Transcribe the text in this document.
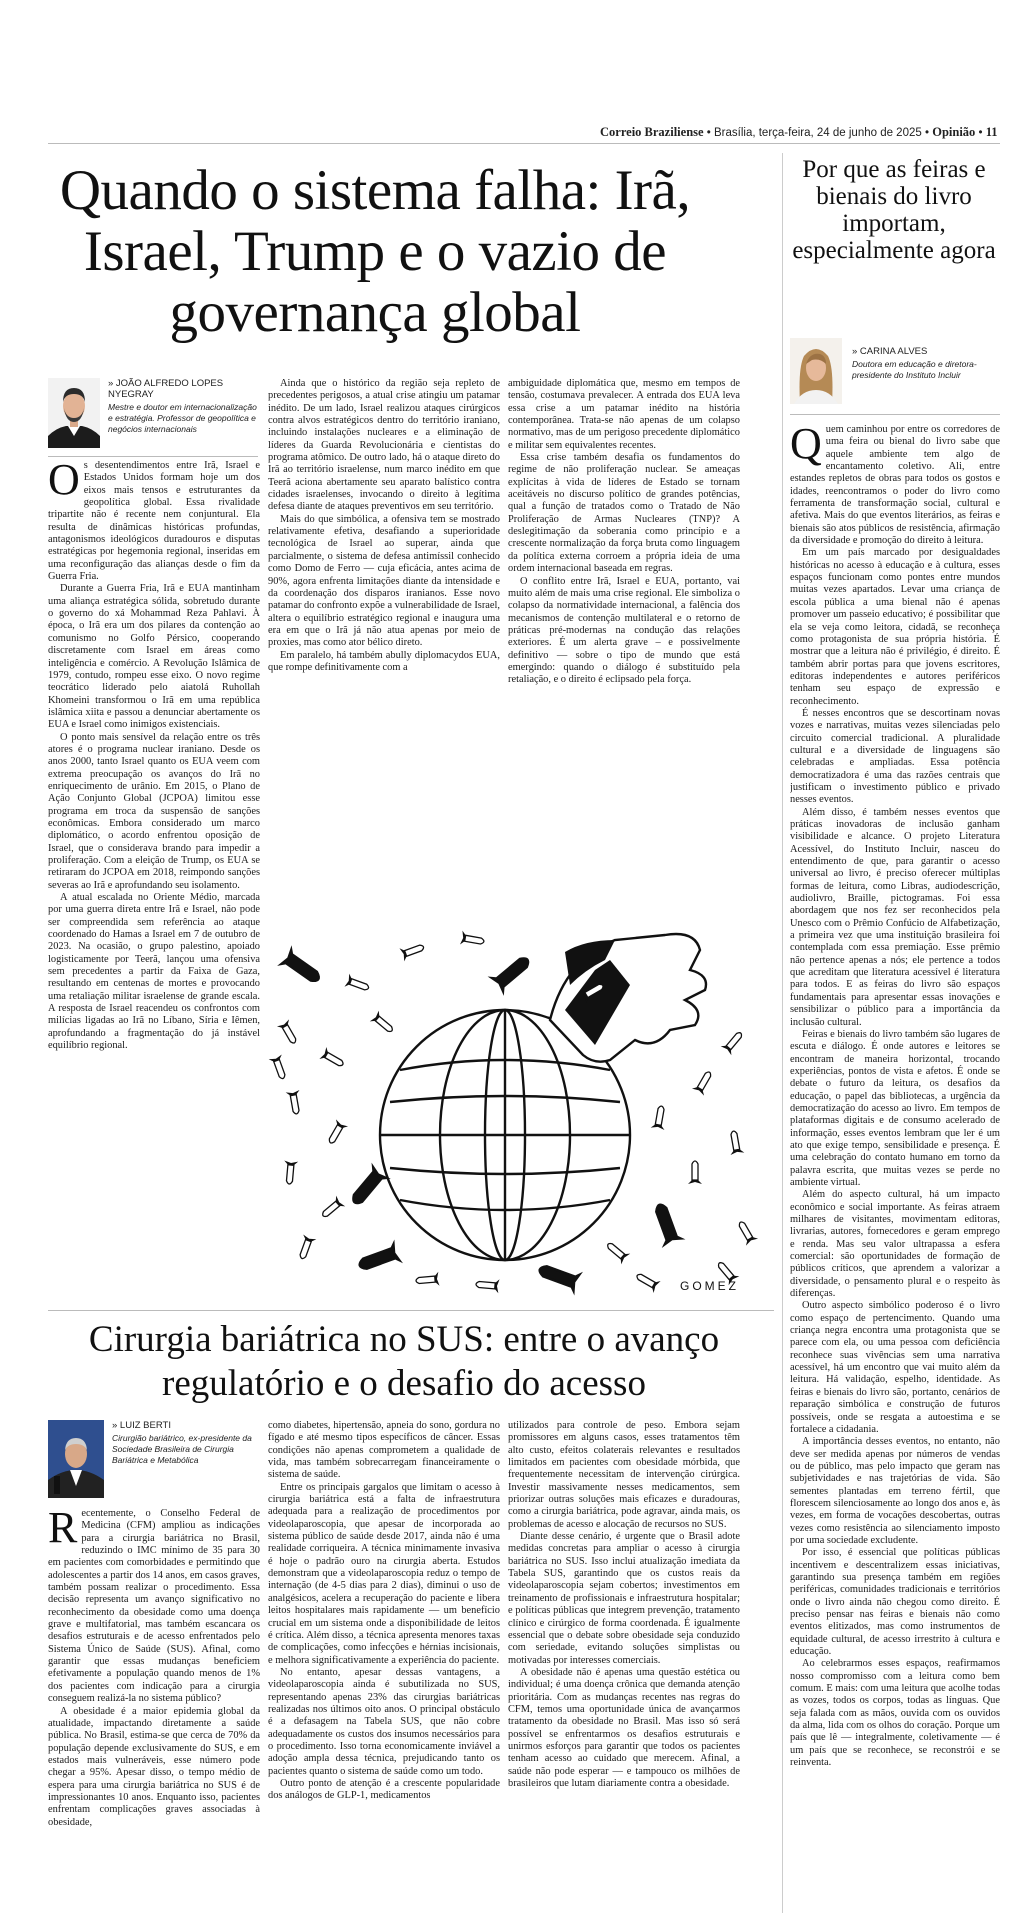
Correio Braziliense • Brasília, terça-feira, 24 de junho de 2025 • Opinião • 11
Quando o sistema falha: Irã, Israel, Trump e o vazio de governança global
» JOÃO ALFREDO LOPES NYEGRAY
Mestre e doutor em internacionalização e estratégia. Professor de geopolítica e negócios internacionais
O s desentendimentos entre Irã, Israel e Estados Unidos formam hoje um dos eixos mais tensos e estruturantes da geopolítica global. Essa rivalidade tripartite não é recente nem conjuntural. Ela resulta de dinâmicas históricas profundas, antagonismos ideológicos duradouros e disputas estratégicas por hegemonia regional, inseridas em uma reconfiguração das alianças desde o fim da Guerra Fria.

Durante a Guerra Fria, Irã e EUA mantinham uma aliança estratégica sólida, sobretudo durante o governo do xá Mohammad Reza Pahlavi. À época, o Irã era um dos pilares da contenção ao comunismo no Golfo Pérsico, cooperando discretamente com Israel em áreas como inteligência e comércio. A Revolução Islâmica de 1979, contudo, rompeu esse eixo. O novo regime teocrático liderado pelo aiatolá Ruhollah Khomeini transformou o Irã em uma república islâmica xiita e passou a denunciar abertamente os EUA e Israel como inimigos existenciais.

O ponto mais sensível da relação entre os três atores é o programa nuclear iraniano. Desde os anos 2000, tanto Israel quanto os EUA veem com extrema preocupação os avanços do Irã no enriquecimento de urânio. Em 2015, o Plano de Ação Conjunto Global (JCPOA) limitou esse programa em troca da suspensão de sanções econômicas. Embora considerado um marco diplomático, o acordo enfrentou oposição de Israel, que o considerava brando para impedir a proliferação. Com a eleição de Trump, os EUA se retiraram do JCPOA em 2018, reimpondo sanções severas ao Irã e aprofundando seu isolamento.

A atual escalada no Oriente Médio, marcada por uma guerra direta entre Irã e Israel, não pode ser compreendida sem referência ao ataque coordenado do Hamas a Israel em 7 de outubro de 2023. Na ocasião, o grupo palestino, apoiado logisticamente por Teerã, lançou uma ofensiva sem precedentes a partir da Faixa de Gaza, resultando em centenas de mortes e provocando uma retaliação militar israelense de grande escala. A resposta de Israel reacendeu os confrontos com milícias ligadas ao Irã no Líbano, Síria e Iêmen, aprofundando a fragmentação do já instável equilíbrio regional.

Ainda que o histórico da região seja repleto de precedentes perigosos, a atual crise atingiu um patamar inédito. De um lado, Israel realizou ataques cirúrgicos contra alvos estratégicos dentro do território iraniano, incluindo instalações nucleares e a eliminação de líderes da Guarda Revolucionária e cientistas do programa atômico. De outro lado, há o ataque direto do Irã ao território israelense, num marco inédito em que Teerã aciona abertamente seu aparato balístico contra cidades israelenses, invocando o direito à legítima defesa diante de ataques preventivos em seu território.

Mais do que simbólica, a ofensiva tem se mostrado relativamente efetiva, desafiando a superioridade tecnológica de Israel ao superar, ainda que parcialmente, o sistema de defesa antimíssil conhecido como Domo de Ferro — cuja eficácia, antes acima de 90%, agora enfrenta limitações diante da intensidade e da coordenação dos disparos iranianos. Esse novo patamar do confronto expõe a vulnerabilidade de Israel, altera o equilíbrio estratégico regional e inaugura uma era em que o Irã já não atua apenas por meio de proxies, mas como ator bélico direto.

Em paralelo, há também abully diplomacydos EUA, que rompe definitivamente com a

ambiguidade diplomática que, mesmo em tempos de tensão, costumava prevalecer. A entrada dos EUA leva essa crise a um patamar inédito na história contemporânea. Trata-se não apenas de um colapso normativo, mas de um perigoso precedente diplomático e militar sem equivalentes recentes.

Essa crise também desafia os fundamentos do regime de não proliferação nuclear. Se ameaças explícitas à vida de líderes de Estado se tornam aceitáveis no discurso político de grandes potências, qual a função de tratados como o Tratado de Não Proliferação de Armas Nucleares (TNP)? A deslegitimação da soberania como princípio e a crescente normalização da força bruta como linguagem da política externa corroem a própria ideia de uma ordem internacional baseada em regras.

O conflito entre Irã, Israel e EUA, portanto, vai muito além de mais uma crise regional. Ele simboliza o colapso da normatividade internacional, a falência dos mecanismos de contenção multilateral e o retorno de práticas pré-modernas na condução das relações exteriores. É um alerta grave – e possivelmente definitivo — sobre o tipo de mundo que está emergindo: quando o diálogo é substituído pela retaliação, e o direito é eclipsado pela força.

GOMEZ
Por que as feiras e bienais do livro importam, especialmente agora
» CARINA ALVES
Doutora em educação e diretora-presidente do Instituto Incluir
Q uem caminhou por entre os corredores de uma feira ou bienal do livro sabe que aquele ambiente tem algo de encantamento coletivo. Ali, entre estandes repletos de obras para todos os gostos e idades, reencontramos o poder do livro como ferramenta de transformação social, cultural e afetiva. Mais do que eventos literários, as feiras e bienais são atos públicos de resistência, afirmação da diversidade e promoção do direito à leitura.

Em um país marcado por desigualdades históricas no acesso à educação e à cultura, esses espaços funcionam como pontes entre mundos muitas vezes apartados. Levar uma criança de escola pública a uma bienal não é apenas promover um passeio educativo; é possibilitar que ela se veja como leitora, cidadã, se reconheça como protagonista de sua própria história. É mostrar que a leitura não é privilégio, é direito. É também abrir portas para que jovens escritores, editoras independentes e autores periféricos tenham seu espaço de expressão e reconhecimento.

É nesses encontros que se descortinam novas vozes e narrativas, muitas vezes silenciadas pelo circuito comercial tradicional. A pluralidade cultural e a diversidade de linguagens são celebradas e ampliadas. Essa potência democratizadora é uma das razões centrais que justificam o investimento público e privado nesses eventos.

Além disso, é também nesses eventos que práticas inovadoras de inclusão ganham visibilidade e alcance. O projeto Literatura Acessível, do Instituto Incluir, nasceu do entendimento de que, para garantir o acesso universal ao livro, é preciso oferecer múltiplas formas de leitura, como Libras, audiodescrição, audiolivro, Braille, pictogramas. Foi essa abordagem que nos fez ser reconhecidos pela Unesco com o Prêmio Confúcio de Alfabetização, a primeira vez que uma instituição brasileira foi contemplada com essa premiação. Esse prêmio não pertence apenas a nós; ele pertence a todos que acreditam que literatura acessível é literatura para todos. E as feiras do livro são espaços fundamentais para apresentar essas inovações e sensibilizar o público para a importância da inclusão cultural.

Feiras e bienais do livro também são lugares de escuta e diálogo. É onde autores e leitores se encontram de maneira horizontal, trocando experiências, pontos de vista e afetos. É onde se debate o futuro da leitura, os desafios da educação, o papel das bibliotecas, a urgência da democratização do acesso ao livro. Em tempos de plataformas digitais e de consumo acelerado de informação, esses eventos lembram que ler é um ato que exige tempo, sensibilidade e presença. É uma celebração do contato humano em torno da palavra escrita, que muitas vezes se perde no ambiente virtual.

Além do aspecto cultural, há um impacto econômico e social importante. As feiras atraem milhares de visitantes, movimentam editoras, livrarias, autores, fornecedores e geram emprego e renda. Mas seu valor ultrapassa a esfera comercial: são oportunidades de formação de públicos críticos, que aprendem a valorizar a diversidade, o pensamento plural e o respeito às diferenças.

Outro aspecto simbólico poderoso é o livro como espaço de pertencimento. Quando uma criança negra encontra uma protagonista que se parece com ela, ou uma pessoa com deficiência reconhece suas vivências sem uma narrativa acessível, há um encontro que vai muito além da leitura. Há validação, espelho, identidade. As feiras e bienais do livro são, portanto, cenários de reparação simbólica e construção de futuros possíveis, onde se resgata a autoestima e se fortalece a cidadania.

A importância desses eventos, no entanto, não deve ser medida apenas por números de vendas ou de público, mas pelo impacto que geram nas subjetividades e nas trajetórias de vida. São sementes plantadas em terreno fértil, que florescem silenciosamente ao longo dos anos e, às vezes, em forma de vocações descobertas, outras vezes como resistência ao silenciamento imposto por uma sociedade excludente.

Por isso, é essencial que políticas públicas incentivem e descentralizem essas iniciativas, garantindo sua presença também em regiões periféricas, comunidades tradicionais e territórios onde o livro ainda não chegou como direito. É preciso pensar nas feiras e bienais não como eventos elitizados, mas como instrumentos de equidade cultural, de acesso irrestrito à cultura e educação.

Ao celebrarmos esses espaços, reafirmamos nosso compromisso com a leitura como bem comum. E mais: com uma leitura que acolhe todas as vozes, todos os corpos, todas as línguas. Que seja falada com as mãos, ouvida com os ouvidos da alma, lida com os olhos do coração. Porque um país que lê — integralmente, coletivamente — é um país que se reconhece, se reconstrói e se reinventa.

Cirurgia bariátrica no SUS: entre o avanço regulatório e o desafio do acesso
» LUIZ BERTI
Cirurgião bariátrico, ex-presidente da Sociedade Brasileira de Cirurgia Bariátrica e Metabólica
R ecentemente, o Conselho Federal de Medicina (CFM) ampliou as indicações para a cirurgia bariátrica no Brasil, reduzindo o IMC mínimo de 35 para 30 em pacientes com comorbidades e permitindo que adolescentes a partir dos 14 anos, em casos graves, também possam realizar o procedimento. Essa decisão representa um avanço significativo no reconhecimento da obesidade como uma doença grave e multifatorial, mas também escancara os desafios estruturais e de acesso enfrentados pelo Sistema Único de Saúde (SUS). Afinal, como garantir que essas mudanças beneficiem efetivamente a população quando menos de 1% dos pacientes com indicação para a cirurgia conseguem realizá-la no sistema público?

A obesidade é a maior epidemia global da atualidade, impactando diretamente a saúde pública. No Brasil, estima-se que cerca de 70% da população depende exclusivamente do SUS, e em estados mais vulneráveis, esse número pode chegar a 95%. Apesar disso, o tempo médio de espera para uma cirurgia bariátrica no SUS é de impressionantes 10 anos. Enquanto isso, pacientes enfrentam complicações graves associadas à obesidade,

como diabetes, hipertensão, apneia do sono, gordura no fígado e até mesmo tipos específicos de câncer. Essas condições não apenas comprometem a qualidade de vida, mas também sobrecarregam financeiramente o sistema de saúde.

Entre os principais gargalos que limitam o acesso à cirurgia bariátrica está a falta de infraestrutura adequada para a realização de procedimentos por videolaparoscopia, que apesar de incorporada ao sistema público de saúde desde 2017, ainda não é uma realidade corriqueira. A técnica minimamente invasiva é hoje o padrão ouro na cirurgia aberta. Estudos demonstram que a videolaparoscopia reduz o tempo de internação (de 4-5 dias para 2 dias), diminui o uso de analgésicos, acelera a recuperação do paciente e libera leitos hospitalares mais rapidamente — um benefício crucial em um sistema onde a disponibilidade de leitos é crítica. Além disso, a técnica apresenta menores taxas de complicações, como infecções e hérnias incisionais, e melhora significativamente a experiência do paciente.

No entanto, apesar dessas vantagens, a videolaparoscopia ainda é subutilizada no SUS, representando apenas 23% das cirurgias bariátricas realizadas nos últimos oito anos. O principal obstáculo é a defasagem na Tabela SUS, que não cobre adequadamente os custos dos insumos necessários para o procedimento. Isso torna economicamente inviável a adoção ampla dessa técnica, prejudicando tanto os pacientes quanto o sistema de saúde como um todo.

Outro ponto de atenção é a crescente popularidade dos análogos de GLP-1, medicamentos

utilizados para controle de peso. Embora sejam promissores em alguns casos, esses tratamentos têm alto custo, efeitos colaterais relevantes e resultados limitados em pacientes com obesidade mórbida, que frequentemente necessitam de intervenção cirúrgica. Investir massivamente nesses medicamentos, sem priorizar outras soluções mais eficazes e duradouras, como a cirurgia bariátrica, pode agravar, ainda mais, os problemas de acesso e alocação de recursos no SUS.

Diante desse cenário, é urgente que o Brasil adote medidas concretas para ampliar o acesso à cirurgia bariátrica no SUS. Isso inclui atualização imediata da Tabela SUS, garantindo que os custos reais da videolaparoscopia sejam cobertos; investimentos em treinamento de profissionais e infraestrutura hospitalar; e políticas públicas que integrem prevenção, tratamento clínico e cirúrgico de forma coordenada. É igualmente essencial que o debate sobre obesidade seja conduzido com seriedade, evitando soluções simplistas ou motivadas por interesses comerciais.

A obesidade não é apenas uma questão estética ou individual; é uma doença crônica que demanda atenção prioritária. Com as mudanças recentes nas regras do CFM, temos uma oportunidade única de avançarmos tratamento da obesidade no Brasil. Mas isso só será possível se enfrentarmos os desafios estruturais e unirmos esforços para garantir que todos os pacientes tenham acesso ao cuidado que merecem. Afinal, a saúde não pode esperar — e tampouco os milhões de brasileiros que lutam diariamente contra a obesidade.
